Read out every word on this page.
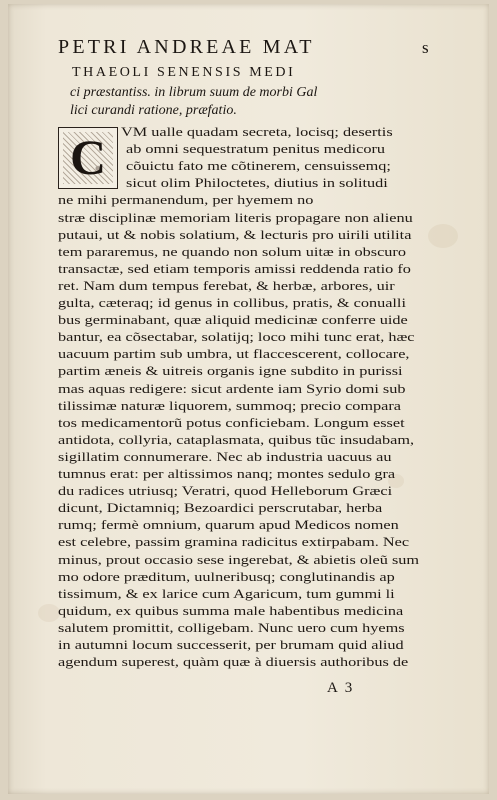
PETRI ANDREAE MAT	s
THAEOLI SENENSIS MEDI
ci præstantiss. in librum suum de morbi Gal
lici curandi ratione, præfatio.
C	VM ualle quadam secreta, locisq; desertis
ab omni sequestratum penitus medicoru
cõuictu fato me cõtinerem, censuissemq;
sicut olim Philoctetes, diutius in solitudi
ne mihi permanendum, per hyemem no
stræ disciplinæ memoriam literis propagare non alienu
putaui, ut & nobis solatium, & lecturis pro uirili utilita
tem pararemus, ne quando non solum uitæ in obscuro
transactæ, sed etiam temporis amissi reddenda ratio fo
ret. Nam dum tempus ferebat, & herbæ, arbores, uir
gulta, cæteraq; id genus in collibus, pratis, & conualli
bus germinabant, quæ aliquid medicinæ conferre uide
bantur, ea cõsectabar, solatijq; loco mihi tunc erat, hæc
uacuum partim sub umbra, ut flaccescerent, collocare,
partim æneis & uitreis organis igne subdito in purissi
mas aquas redigere: sicut ardente iam Syrio domi sub
tilissimæ naturæ liquorem, summoq; precio compara
tos medicamentorũ potus conficiebam. Longum esset
antidota, collyria, cataplasmata, quibus tũc insudabam,
sigillatim connumerare. Nec ab industria uacuus au
tumnus erat: per altissimos nanq; montes sedulo gra
du radices utriusq; Veratri, quod Helleborum Græci
dicunt, Dictamniq; Bezoardici perscrutabar, herba
rumq; fermè omnium, quarum apud Medicos nomen
est celebre, passim gramina radicitus extirpabam. Nec
minus, prout occasio sese ingerebat, & abietis oleũ sum
mo odore præditum, uulneribusq; conglutinandis ap
tissimum, & ex larice cum Agaricum, tum gummi li
quidum, ex quibus summa male habentibus medicina
salutem promittit, colligebam. Nunc uero cum hyems
in autumni locum successerit, per brumam quid aliud
agendum superest, quàm quæ à diuersis authoribus de
A 3
